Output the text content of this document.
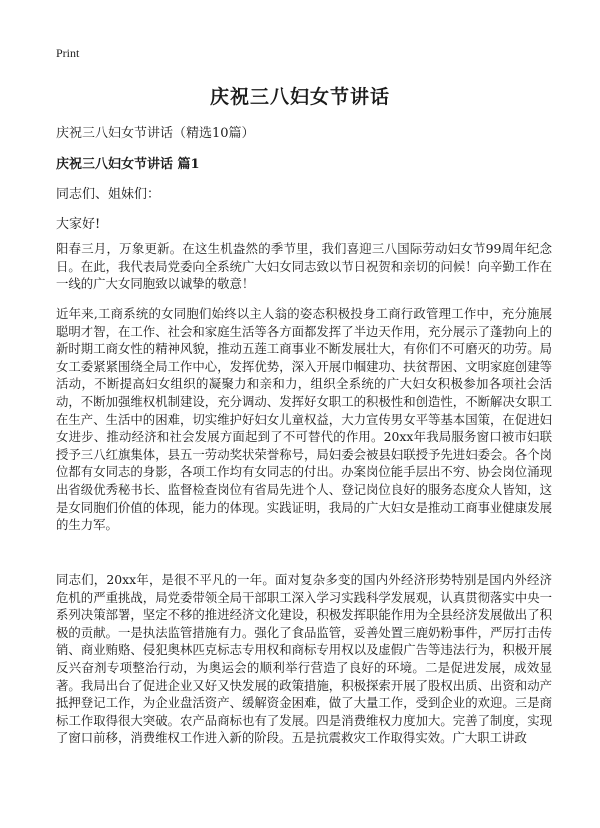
Print
庆祝三八妇女节讲话
庆祝三八妇女节讲话（精选10篇）
庆祝三八妇女节讲话 篇1
同志们、姐妹们：
大家好!

阳春三月，万象更新。在这生机盎然的季节里，我们喜迎三八国际劳动妇女节99周年纪念日。在此，我代表局党委向全系统广大妇女同志致以节日祝贺和亲切的问候！向辛勤工作在一线的广大女同胞致以诚挚的敬意！

近年来,工商系统的女同胞们始终以主人翁的姿态积极投身工商行政管理工作中，充分施展聪明才智，在工作、社会和家庭生活等各方面都发挥了半边天作用，充分展示了蓬勃向上的新时期工商女性的精神风貌，推动五莲工商事业不断发展壮大，有你们不可磨灭的功劳。局女工委紧紧围绕全局工作中心，发挥优势，深入开展巾帼建功、扶贫帮困、文明家庭创建等活动，不断提高妇女组织的凝聚力和亲和力，组织全系统的广大妇女积极参加各项社会活动，不断加强维权机制建设，充分调动、发挥好女职工的积极性和创造性，不断解决女职工在生产、生活中的困难，切实维护好妇女儿童权益，大力宣传男女平等基本国策，在促进妇女进步、推动经济和社会发展方面起到了不可替代的作用。20xx年我局服务窗口被市妇联授予三八红旗集体，县五一劳动奖状荣誉称号，局妇委会被县妇联授予先进妇委会。各个岗位都有女同志的身影，各项工作均有女同志的付出。办案岗位能手层出不穷、协会岗位涌现出省级优秀秘书长、监督检查岗位有省局先进个人、登记岗位良好的服务态度众人皆知，这是女同胞们价值的体现，能力的体现。实践证明，我局的广大妇女是推动工商事业健康发展的生力军。

同志们，20xx年，是很不平凡的一年。面对复杂多变的国内外经济形势特别是国内外经济危机的严重挑战，局党委带领全局干部职工深入学习实践科学发展观，认真贯彻落实中央一系列决策部署，坚定不移的推进经济文化建设，积极发挥职能作用为全县经济发展做出了积极的贡献。一是执法监管措施有力。强化了食品监管，妥善处置三鹿奶粉事件，严厉打击传销、商业贿赂、侵犯奥林匹克标志专用权和商标专用权以及虚假广告等违法行为，积极开展反兴奋剂专项整治行动，为奥运会的顺利举行营造了良好的环境。二是促进发展，成效显著。我局出台了促进企业又好又快发展的政策措施，积极探索开展了股权出质、出资和动产抵押登记工作，为企业盘活资产、缓解资金困难，做了大量工作，受到企业的欢迎。三是商标工作取得很大突破。农产品商标也有了发展。四是消费维权力度加大。完善了制度，实现了窗口前移，消费维权工作进入新的阶段。五是抗震救灾工作取得实效。广大职工讲政
